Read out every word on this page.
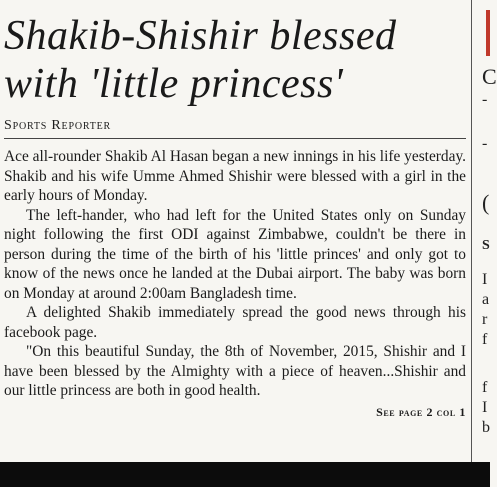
Shakib-Shishir blessed
with 'little princess'
Sports Reporter

Ace all-rounder Shakib Al Hasan began a new innings in his life yesterday. Shakib and his wife Umme Ahmed Shishir were blessed with a girl in the early hours of Monday.

The left-hander, who had left for the United States only on Sunday night following the first ODI against Zimbabwe, couldn't be there in person during the time of the birth of his 'little princes' and only got to know of the news once he landed at the Dubai airport. The baby was born on Monday at around 2:00am Bangladesh time.

A delighted Shakib immediately spread the good news through his facebook page.

"On this beautiful Sunday, the 8th of November, 2015, Shishir and I have been blessed by the Almighty with a piece of heaven...Shishir and our little princess are both in good health.

See page 2 col 1
C
-
-
(
S
I
a
r
f
f
I
b
